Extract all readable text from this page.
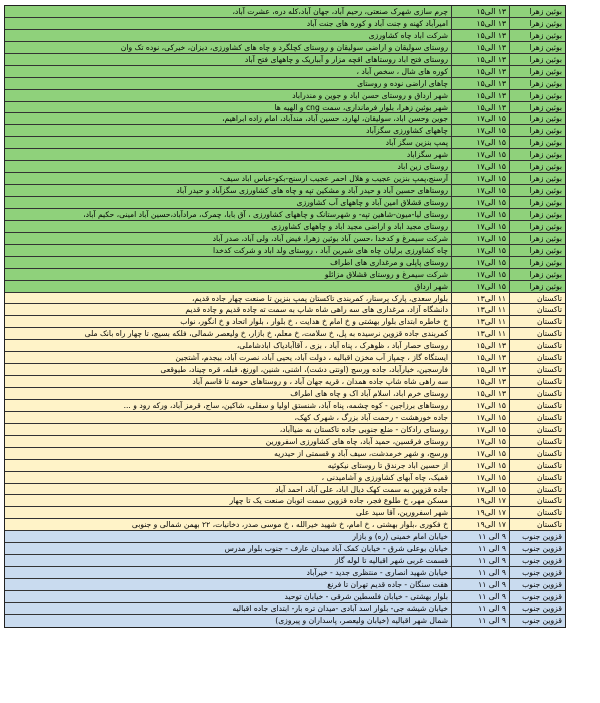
بوئین زهرا
۱۳ الی۱۵
چرم سازی شهرک صنعتی، رحیم آباد، جهان آباد،کله دره، عشرت آباد،
بوئین زهرا
۱۳ الی۱۵
امیرآباد کهنه و جنت آباد و کوره های جنت آباد
بوئین زهرا
۱۳ الی۱۵
شرکت اباد چاه کشاورزی
بوئین زهرا
۱۳ الی۱۵
روستای سولیقان و اراضی سولیقان و روستای کچلگرد و چاه های کشاورزی، دیزان، خیرکی، نوده تک وان
بوئین زهرا
۱۳ الی۱۵
روستای فتح اباد روستاهای اقچه مزار و آبباریک و چاههای فتح آباد
بوئین زهرا
۱۳ الی۱۵
کوره های شال ، سخص آباد ،
بوئین زهرا
۱۳ الی۱۵
چاهای اراضی نوده و روستای
بوئین زهرا
۱۳ الی۱۵
شهر ارداق و روستای حسن اباد و جوین و مندراباد
بوئین زهرا
۱۳ الی۱۵
شهر بوئین زهرا، بلوار فرمانداری، سمت cng و الهیه ها
بوئین زهرا
۱۵ الی۱۷
جوین وحسن اباد، سولیقان، لهارد، حسین آباد، مندآباد، امام زاده ابراهیم،
بوئین زهرا
۱۵ الی۱۷
چاههای کشاورزی سگزآباد
بوئین زهرا
۱۵ الی۱۷
پمپ بنزین سگز آباد
بوئین زهرا
۱۵ الی۱۷
شهر سگزاباد
بوئین زهرا
۱۵ الی۱۷
روستای زین اباد
بوئین زهرا
۱۵ الی۱۷
آرسنج،پمپ بنزین عجیب و هلال احمر عجیب ارسنج-بکو-عباس اباد سیف-
بوئین زهرا
۱۵ الی۱۷
روستاهای حسین آباد و حیدر آباد و مشکین تپه و چاه های کشاورزی سگزآباد و حیدر آباد
بوئین زهرا
۱۵ الی۱۷
روستای قشلاق امین آباد و چاههای آب کشاورزی
بوئین زهرا
۱۵ الی۱۷
روستای لیا-میون-شاهین تپه- و شهرستانک و چاههای کشاورزی ، آق بابا، چمرک، مرادآباد،حسین آباد امینی، حکیم آباد،
بوئین زهرا
۱۵ الی۱۷
روستای مجید اباد و اراضی مجید اباد و چاههای کشاورزی
بوئین زهرا
۱۵ الی۱۷
شرکت سیمرغ و کدخدا ،حسن آباد بوئین زهرا، فیض آباد، ولی آباد، صدر آباد
بوئین زهرا
۱۵ الی۱۷
چاه کشاورزی برلیان چاه های شیرین آباد ، روستای ولد اباد و شرکت کدخدا
بوئین زهرا
۱۵ الی۱۷
روستای پاپلی و مرغداری های اطراف
بوئین زهرا
۱۵ الی۱۷
شرکت سیمرغ و روستای قشلاق مزائلو
بوئین زهرا
۱۵ الی۱۷
شهر ارداق
تاکستان
۱۱ الی۱۳
بلوار سعدی، پارک پرستار، کمربندی تاکستان پمپ بنزین تا صنعت چهار جاده قدیم،
تاکستان
۱۱ الی۱۳
دانشگاه آزاد، مرغداری های سه راهی شاه شاپ به سمت ته چاده قدیم و چاده قدیم
تاکستان
۱۱ الی۱۳
خ خاطره ابتدای بلوار بهشتی و خ امام خ هدایت ، خ بلوار ، بلوار اتحاد و خ انگور، نواب
تاکستان
۱۱ الی۱۳
کمربندی جاده قزوین نرسیده به پل، خ سلامت، خ معلم، خ بازار، خ ولیعصر شمالی، فلکه بسیج، تا چهار راه بانک ملی
تاکستان
۱۳ الی۱۵
روستای حصار آباد ، ظوهرک ، پناه آباد ، بزی ، آقاآبادیاک ابادشاملی،
تاکستان
۱۳ الی۱۵
ایستگاه گاز ، چمپاز آب مخزن اقبالیه ، دولت آباد، یحیی آباد، نصرت آباد، بیجدم، آشتجین
تاکستان
۱۳ الی۱۵
فارسجین، خیارآباد، جاده ورسج (اونتی دشت)، اشنی، شنین، اورنغ، قبله، قره چیناد، طیوقعی
تاکستان
۱۳ الی۱۵
سه راهی شاه شاپ جاده همدان ، قریه جهان آباد ، و روستاهای حومه تا قاسم آباد
تاکستان
۱۳ الی۱۵
روستای خرم اباد، اسلام آباد اک و چاه های اطراف
تاکستان
۱۵ الی۱۷
روستاهای برزاجین - کوه چشمه، پناه آباد، شنستق اولیا و سفلی، شاکین، ساج، قرمز آباد، ورکه رود و ...
تاکستان
۱۵ الی۱۷
جاده خورهشت - رحمت آباد بزرگ ، شهرک کهک،
تاکستان
۱۵ الی۱۷
روستای رادکان - ضلع جنوبی جاده تاکستان به ضیاآباد،
تاکستان
۱۵ الی۱۷
روستای فرقسین، حمید آباد، چاه های کشاورزی اسفرورین
تاکستان
۱۵ الی۱۷
ورسج، و شهر خرمدشت، سیف آباد و قسمتی از حیدریه
تاکستان
۱۵ الی۱۷
از حسین اباد جرندق تا روستای نیکوئیه
تاکستان
۱۵ الی۱۷
قمیک، چاه آبهای کشاورزی و آشامیدنی ،
تاکستان
۱۵ الی۱۷
جاده قزوین به سمت کهک دیال اباد، علی آباد، احمد آباد
تاکستان
۱۷ الی۱۹
مسکن مهر، خ طلوع فجر، جاده قزوین سمت اتوبان صنعت یک تا چهار
تاکستان
۱۷ الی۱۹
شهر اسفرورین، آقا سید علی
تاکستان
۱۷ الی۱۹
خ فکوری ،بلوار بهشتی ، خ امام، خ شهید خیرالله ، خ موسی صدر، دخانیات، ۲۲ بهمن شمالی و جنوبی
قزوین جنوب
۹ الی ۱۱
خیابان امام خمینی (ره) و بازار
قزوین جنوب
۹ الی ۱۱
خیابان بوعلی شرق - خیابان کمک آباد میدان عارف - جنوب بلوار مدرس
قزوین جنوب
۹ الی ۱۱
قسمت غربی شهر اقبالیه تا لوله گاز
قزوین جنوب
۹ الی ۱۱
خیابان شهید انصاری - منتظری جدید - خیرآباد
قزوین جنوب
۹ الی ۱۱
هفت سنگان - جاده قدیم تهران تا فرنغ
قزوین جنوب
۹ الی ۱۱
بلوار بهشتی - خیابان فلسطین شرقی - خیابان توحید
قزوین جنوب
۹ الی ۱۱
خیابان شیشه جی- بلوار اسد آبادی -میدان تره بار- ابتدای جاده اقبالیه
قزوین جنوب
۹ الی ۱۱
شمال شهر اقبالیه (خیابان ولیعصر، پاسداران و پیروزی)
